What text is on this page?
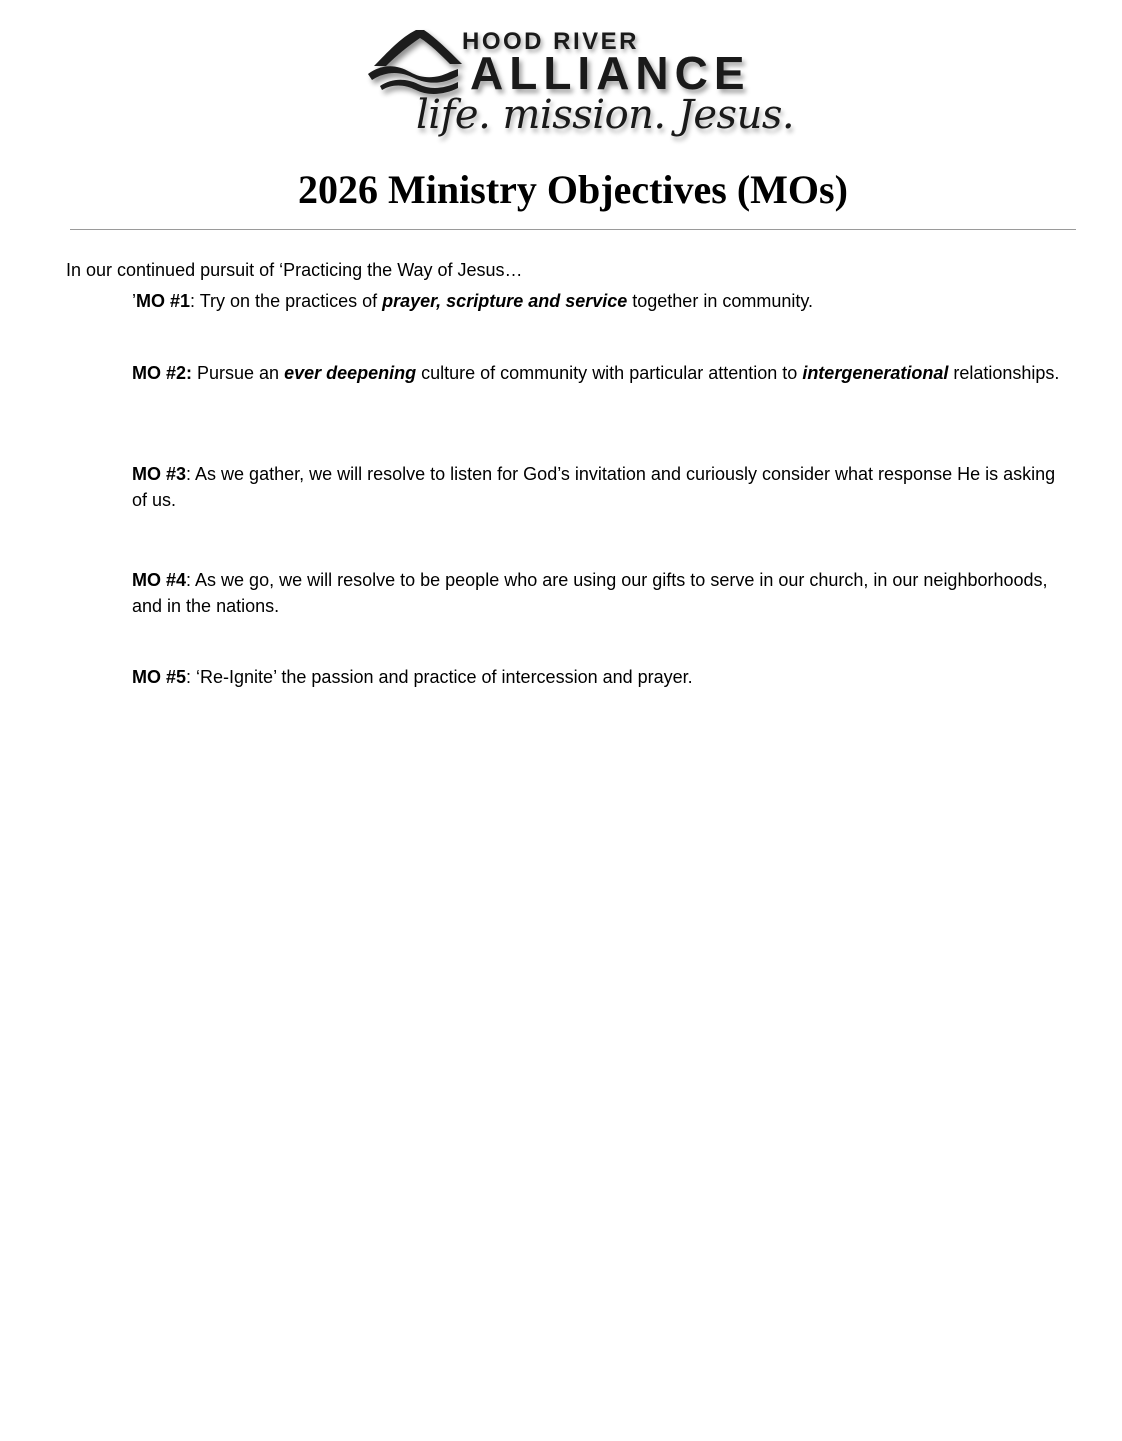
HOOD RIVER
ALLIANCE
life. mission. Jesus.
2026 Ministry Objectives (MOs)
In our continued pursuit of ‘Practicing the Way of Jesus…
’MO #1: Try on the practices of prayer, scripture and service together in community.
MO #2: Pursue an ever deepening culture of community with particular attention to intergenerational relationships.
MO #3: As we gather, we will resolve to listen for God’s invitation and curiously consider what response He is asking of us.
MO #4: As we go, we will resolve to be people who are using our gifts to serve in our church, in our neighborhoods, and in the nations.
MO #5: ‘Re-Ignite’ the passion and practice of intercession and prayer.
